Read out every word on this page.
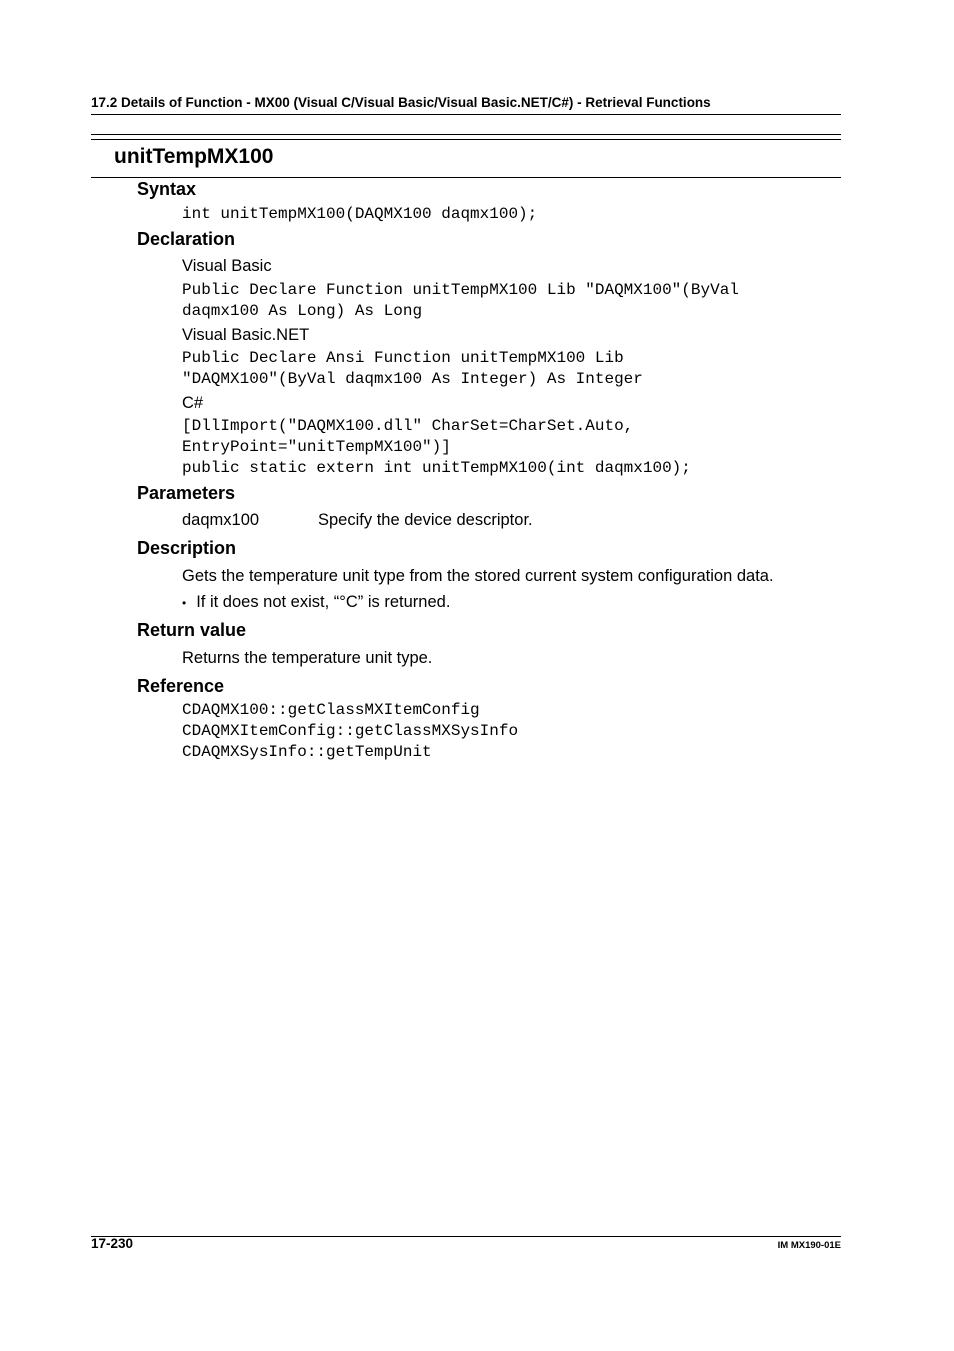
17.2 Details of Function - MX00 (Visual C/Visual Basic/Visual Basic.NET/C#) - Retrieval Functions
unitTempMX100
Syntax
int unitTempMX100(DAQMX100 daqmx100);
Declaration
Visual Basic
Public Declare Function unitTempMX100 Lib "DAQMX100"(ByVal
daqmx100 As Long) As Long
Visual Basic.NET
Public Declare Ansi Function unitTempMX100 Lib
"DAQMX100"(ByVal daqmx100 As Integer) As Integer
C#
[DllImport("DAQMX100.dll" CharSet=CharSet.Auto,
EntryPoint="unitTempMX100")]
public static extern int unitTempMX100(int daqmx100);
Parameters
daqmx100	Specify the device descriptor.
Description
Gets the temperature unit type from the stored current system configuration data.
• If it does not exist, “°C” is returned.
Return value
Returns the temperature unit type.
Reference
CDAQMX100::getClassMXItemConfig
CDAQMXItemConfig::getClassMXSysInfo
CDAQMXSysInfo::getTempUnit
17-230	IM MX190-01E
